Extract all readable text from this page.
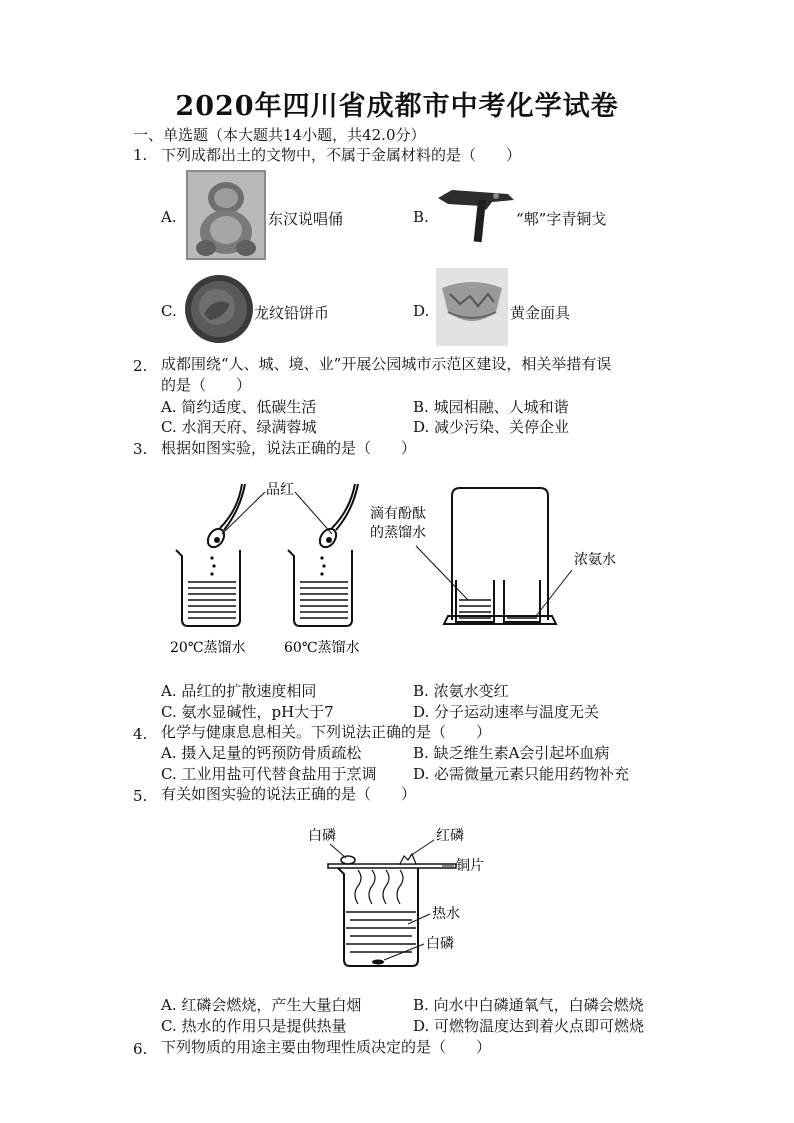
2020年四川省成都市中考化学试卷
一、单选题（本大题共14小题，共42.0分）
1. 下列成都出土的文物中，不属于金属材料的是（　　）
A.	东汉说唱俑	B.	“郫”字青铜戈
C.	龙纹铅饼币	D.	黄金面具
2. 成都围绕“人、城、境、业”开展公园城市示范区建设，相关举措有误
的是（　　）
A. 简约适度、低碳生活	B. 城园相融、人城和谐
C. 水润天府、绿满蓉城	D. 减少污染、关停企业
3. 根据如图实验，说法正确的是（　　）
品红
20℃蒸馏水	60℃蒸馏水
滴有酚酞
的蒸馏水
浓氨水
A. 品红的扩散速度相同	B. 浓氨水变红
C. 氨水显碱性，pH大于7	D. 分子运动速率与温度无关
4. 化学与健康息息相关。下列说法正确的是（　　）
A. 摄入足量的钙预防骨质疏松	B. 缺乏维生素A会引起坏血病
C. 工业用盐可代替食盐用于烹调 D. 必需微量元素只能用药物补充
5. 有关如图实验的说法正确的是（　　）
白磷	红磷
铜片
热水
白磷
A. 红磷会燃烧，产生大量白烟	B. 向水中白磷通氧气，白磷会燃烧
C. 热水的作用只是提供热量	D. 可燃物温度达到着火点即可燃烧
6. 下列物质的用途主要由物理性质决定的是（　　）
